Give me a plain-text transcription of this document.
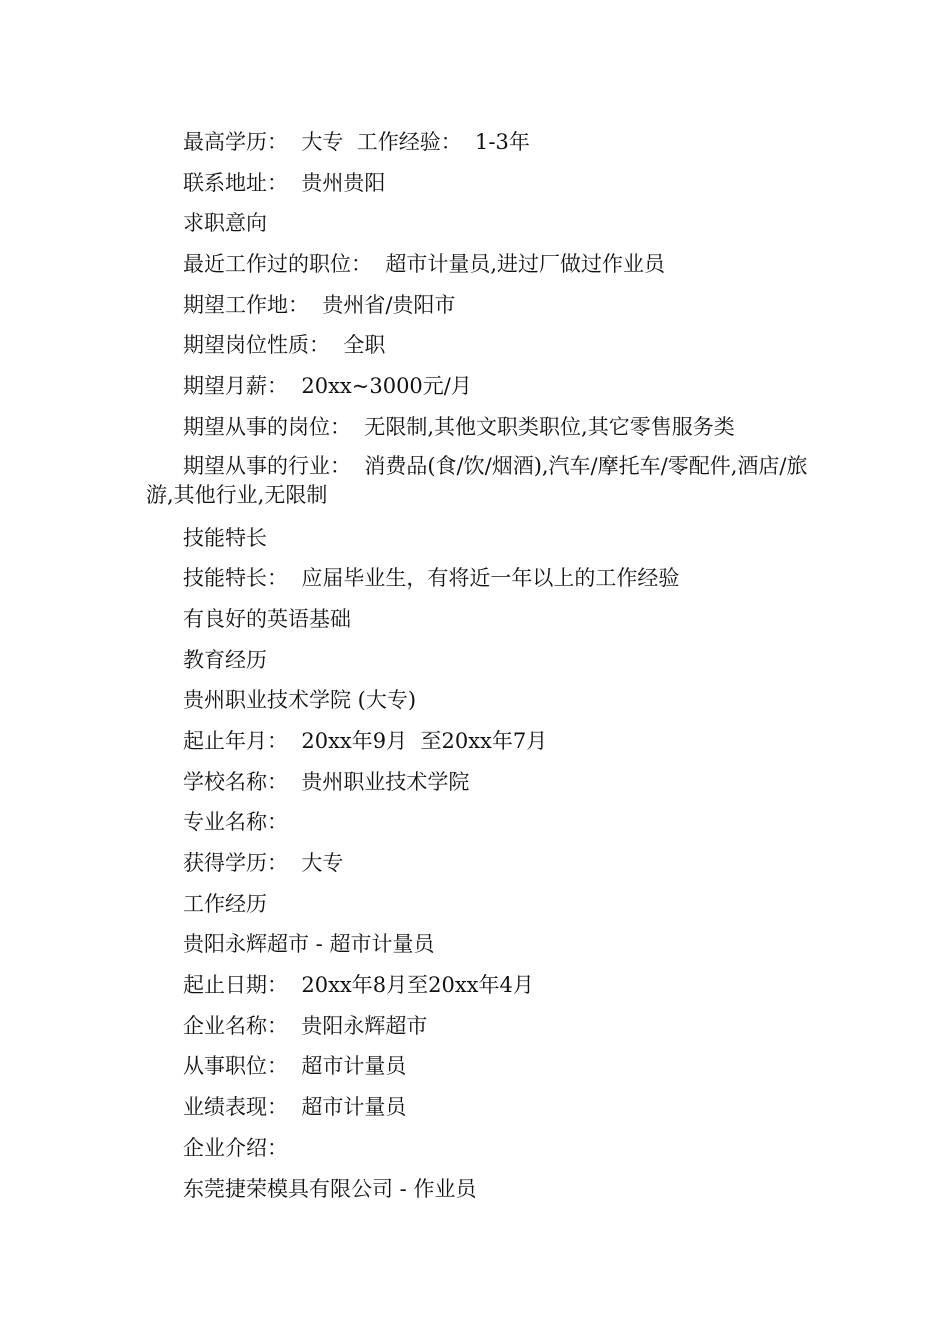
最高学历：  大专  工作经验：  1-3年

联系地址：  贵州贵阳

求职意向

最近工作过的职位：  超市计量员,进过厂做过作业员

期望工作地：  贵州省/贵阳市

期望岗位性质：  全职

期望月薪：  20xx~3000元/月

期望从事的岗位：  无限制,其他文职类职位,其它零售服务类

期望从事的行业：  消费品(食/饮/烟酒),汽车/摩托车/零配件,酒店/旅游,其他行业,无限制

技能特长

技能特长：  应届毕业生，有将近一年以上的工作经验

有良好的英语基础

教育经历

贵州职业技术学院 (大专)

起止年月：  20xx年9月  至20xx年7月

学校名称：  贵州职业技术学院

专业名称：

获得学历：  大专

工作经历

贵阳永辉超市 - 超市计量员

起止日期：  20xx年8月至20xx年4月

企业名称：  贵阳永辉超市

从事职位：  超市计量员

业绩表现：  超市计量员

企业介绍：

东莞捷荣模具有限公司 - 作业员
